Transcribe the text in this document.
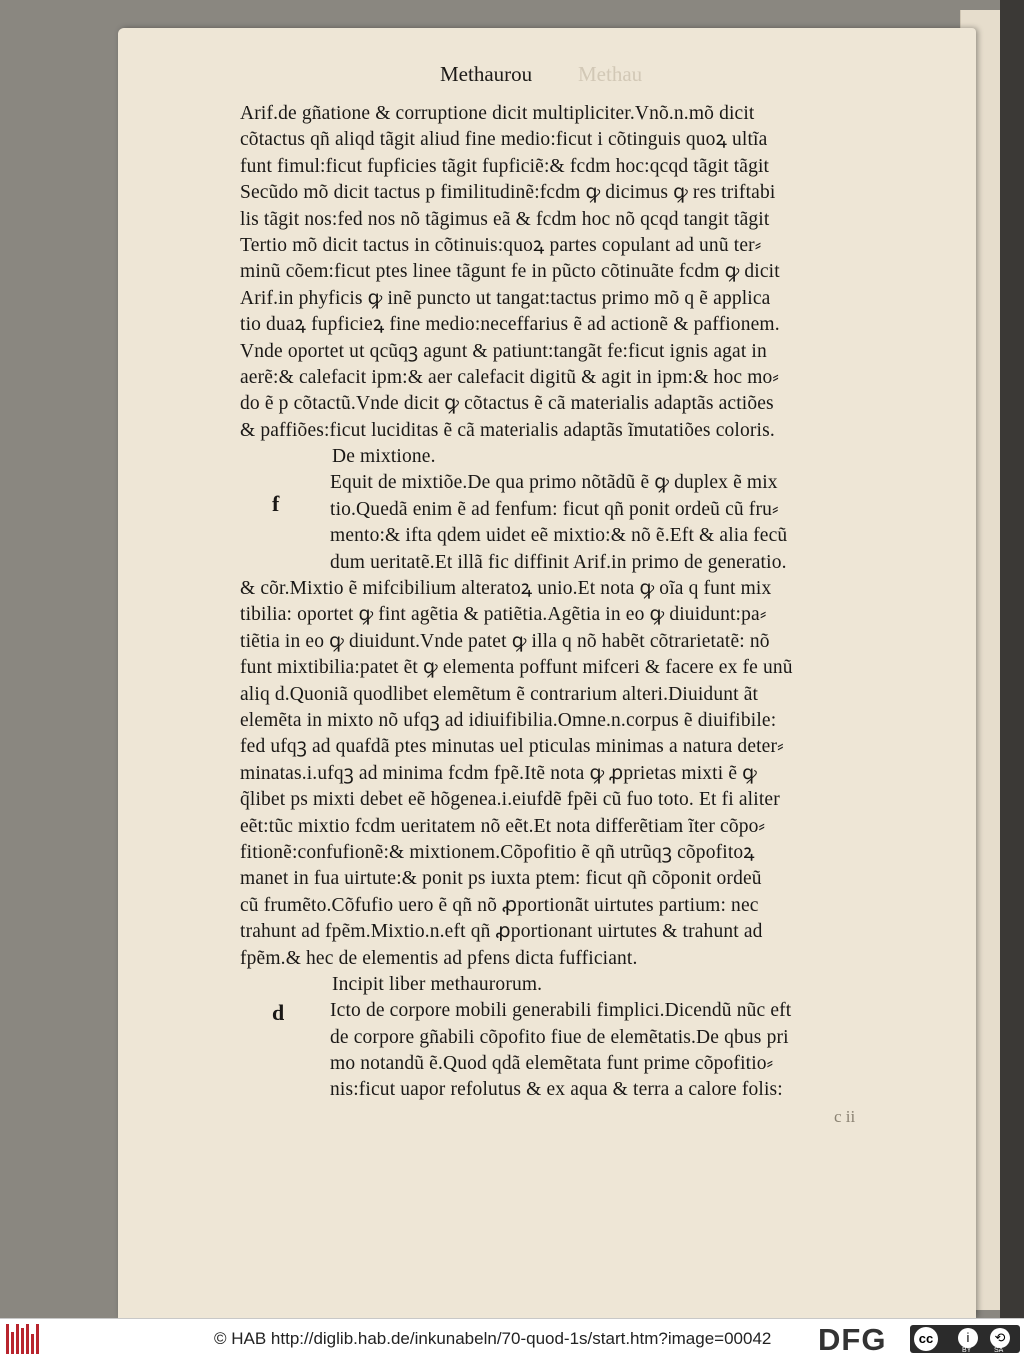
Methau
Methaurou
f
d
Arif.de gñatione & corruptione dicit multipliciter.Vnõ.n.mõ dicit
cõtactus qñ aliqd tãgit aliud fine medio:ficut i cõtinguis quoꝝ ultĩa
funt fimul:ficut fupficies tãgit fupficiẽ:& fcdm hoc:qcqd tãgit tãgit
Secũdo mõ dicit tactus p fimilitudinẽ:fcdm ꝙ dicimus ꝙ res triftabi
lis tãgit nos:fed nos nõ tãgimus eã & fcdm hoc nõ qcqd tangit tãgit
Tertio mõ dicit tactus in cõtinuis:quoꝝ partes copulant ad unũ ter⸗
minũ cõem:ficut ptes linee tãgunt fe in pũcto cõtinuãte fcdm ꝙ dicit
Arif.in phyficis ꝙ inẽ puncto ut tangat:tactus primo mõ q ẽ applica
tio duaꝝ fupficieꝝ fine medio:neceffarius ẽ ad actionẽ & paffionem.
Vnde oportet ut qcũqꝫ agunt & patiunt:tangãt fe:ficut ignis agat in
aerẽ:& calefacit ipm:& aer calefacit digitũ & agit in ipm:& hoc mo⸗
do ẽ p cõtactũ.Vnde dicit ꝙ cõtactus ẽ cã materialis adaptãs actiões
& paffiões:ficut luciditas ẽ cã materialis adaptãs ĩmutatiões coloris.
De mixtione.
Equit de mixtiõe.De qua primo nõtãdũ ẽ ꝙ duplex ẽ mix
tio.Quedã enim ẽ ad fenfum: ficut qñ ponit ordeũ cũ fru⸗
mento:& ifta qdem uidet eẽ mixtio:& nõ ẽ.Eft & alia fecũ
dum ueritatẽ.Et illã fic diffinit Arif.in primo de generatio.
& cõr.Mixtio ẽ mifcibilium alteratoꝝ unio.Et nota ꝙ oĩa q funt mix
tibilia: oportet ꝙ fint agẽtia & patiẽtia.Agẽtia in eo ꝙ diuidunt:pa⸗
tiẽtia in eo ꝙ diuidunt.Vnde patet ꝙ illa q nõ habẽt cõtrarietatẽ: nõ
funt mixtibilia:patet ẽt ꝙ elementa poffunt mifceri & facere ex fe unũ
aliq d.Quoniã quodlibet elemẽtum ẽ contrarium alteri.Diuidunt ãt
elemẽta in mixto nõ ufqꝫ ad idiuifibilia.Omne.n.corpus ẽ diuifibile:
fed ufqꝫ ad quafdã ptes minutas uel pticulas minimas a natura deter⸗
minatas.i.ufqꝫ ad minima fcdm fpẽ.Itẽ nota ꝙ ꝓprietas mixti ẽ ꝙ
q̃libet ps mixti debet eẽ hõgenea.i.eiufdẽ fpẽi cũ fuo toto. Et fi aliter
eẽt:tũc mixtio fcdm ueritatem nõ eẽt.Et nota differẽtiam ĩter cõpo⸗
fitionẽ:confufionẽ:& mixtionem.Cõpofitio ẽ qñ utrũqꝫ cõpofitoꝝ
manet in fua uirtute:& ponit ps iuxta ptem: ficut qñ cõponit ordeũ
cũ frumẽto.Cõfufio uero ẽ qñ nõ ꝓportionãt uirtutes partium: nec
trahunt ad fpẽm.Mixtio.n.eft qñ ꝓportionant uirtutes & trahunt ad
fpẽm.& hec de elementis ad pfens dicta fufficiant.
Incipit liber methaurorum.
Icto de corpore mobili generabili fimplici.Dicendũ nũc eft
de corpore gñabili cõpofito fiue de elemẽtatis.De qbus pri
mo notandũ ẽ.Quod qdã elemẽtata funt prime cõpofitio⸗
nis:ficut uapor refolutus & ex aqua & terra a calore folis:
c ii
© HAB http://diglib.hab.de/inkunabeln/70-quod-1s/start.htm?image=00042 DFG	cc	i	⟲
BY	SA
